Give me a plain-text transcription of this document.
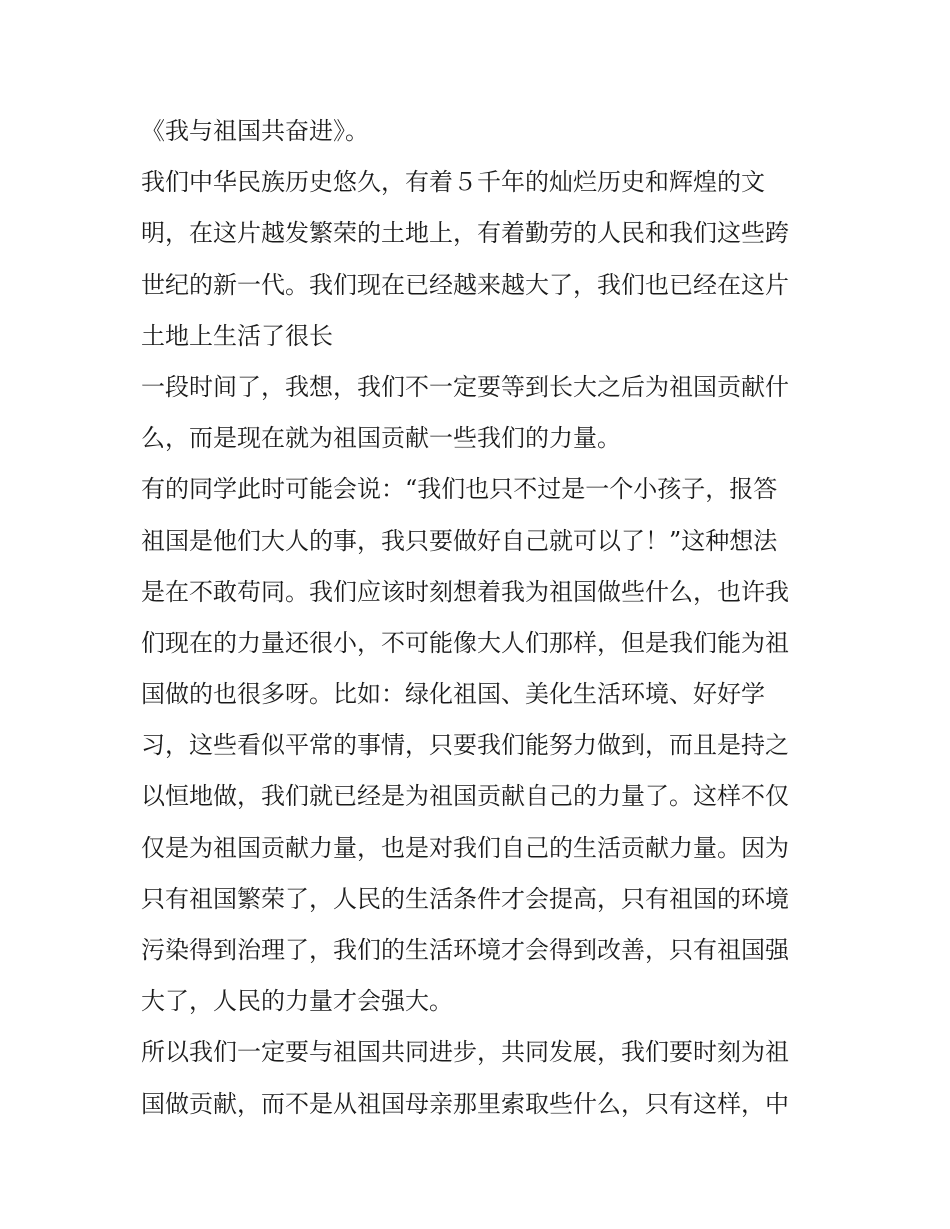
《我与祖国共奋进》。
我们中华民族历史悠久，有着５千年的灿烂历史和辉煌的文
明，在这片越发繁荣的土地上，有着勤劳的人民和我们这些跨
世纪的新一代。我们现在已经越来越大了，我们也已经在这片
土地上生活了很长
一段时间了，我想，我们不一定要等到长大之后为祖国贡献什
么，而是现在就为祖国贡献一些我们的力量。
有的同学此时可能会说：“我们也只不过是一个小孩子，报答
祖国是他们大人的事，我只要做好自己就可以了！”这种想法
是在不敢苟同。我们应该时刻想着我为祖国做些什么，也许我
们现在的力量还很小，不可能像大人们那样，但是我们能为祖
国做的也很多呀。比如：绿化祖国、美化生活环境、好好学
习，这些看似平常的事情，只要我们能努力做到，而且是持之
以恒地做，我们就已经是为祖国贡献自己的力量了。这样不仅
仅是为祖国贡献力量，也是对我们自己的生活贡献力量。因为
只有祖国繁荣了，人民的生活条件才会提高，只有祖国的环境
污染得到治理了，我们的生活环境才会得到改善，只有祖国强
大了，人民的力量才会强大。
所以我们一定要与祖国共同进步，共同发展，我们要时刻为祖
国做贡献，而不是从祖国母亲那里索取些什么，只有这样，中
